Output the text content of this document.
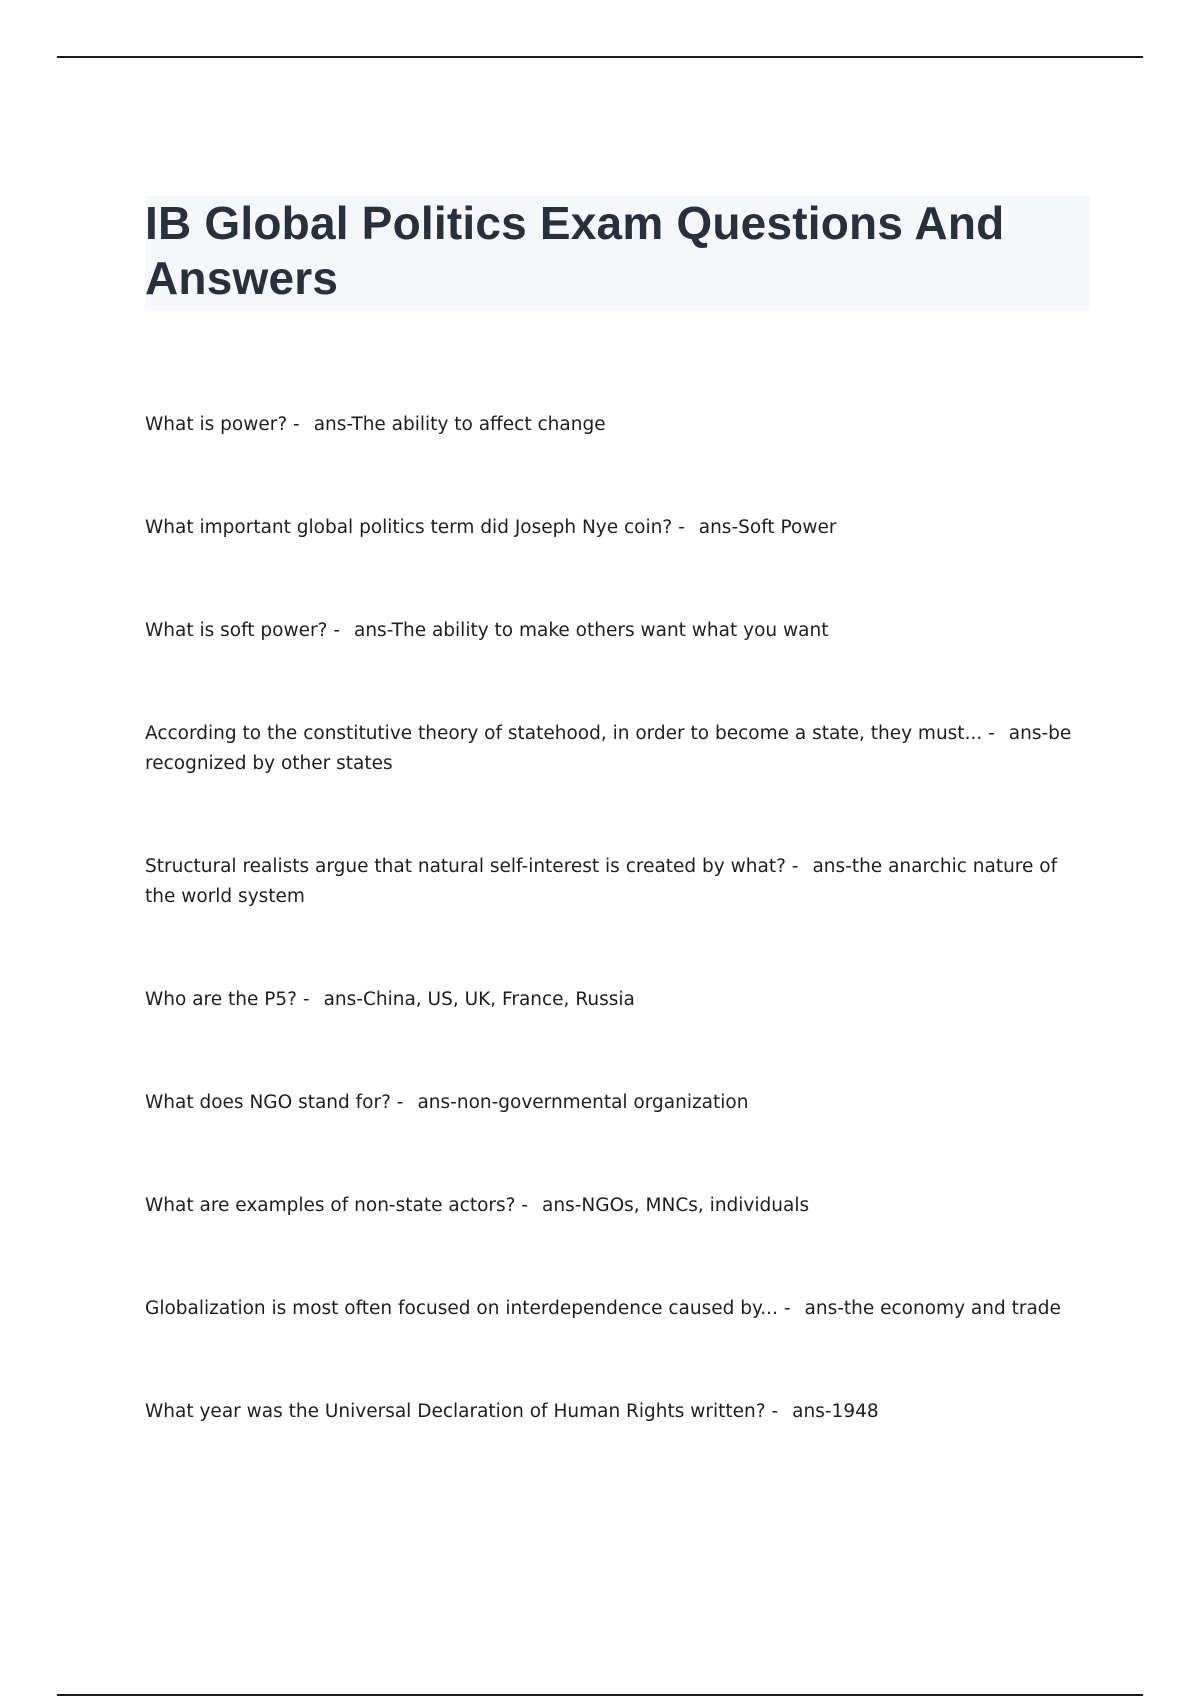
IB Global Politics Exam Questions And Answers
What is power? - ans-The ability to affect change
What important global politics term did Joseph Nye coin? - ans-Soft Power
What is soft power? - ans-The ability to make others want what you want
According to the constitutive theory of statehood, in order to become a state, they must... - ans-be recognized by other states
Structural realists argue that natural self-interest is created by what? - ans-the anarchic nature of the world system
Who are the P5? - ans-China, US, UK, France, Russia
What does NGO stand for? - ans-non-governmental organization
What are examples of non-state actors? - ans-NGOs, MNCs, individuals
Globalization is most often focused on interdependence caused by... - ans-the economy and trade
What year was the Universal Declaration of Human Rights written? - ans-1948
